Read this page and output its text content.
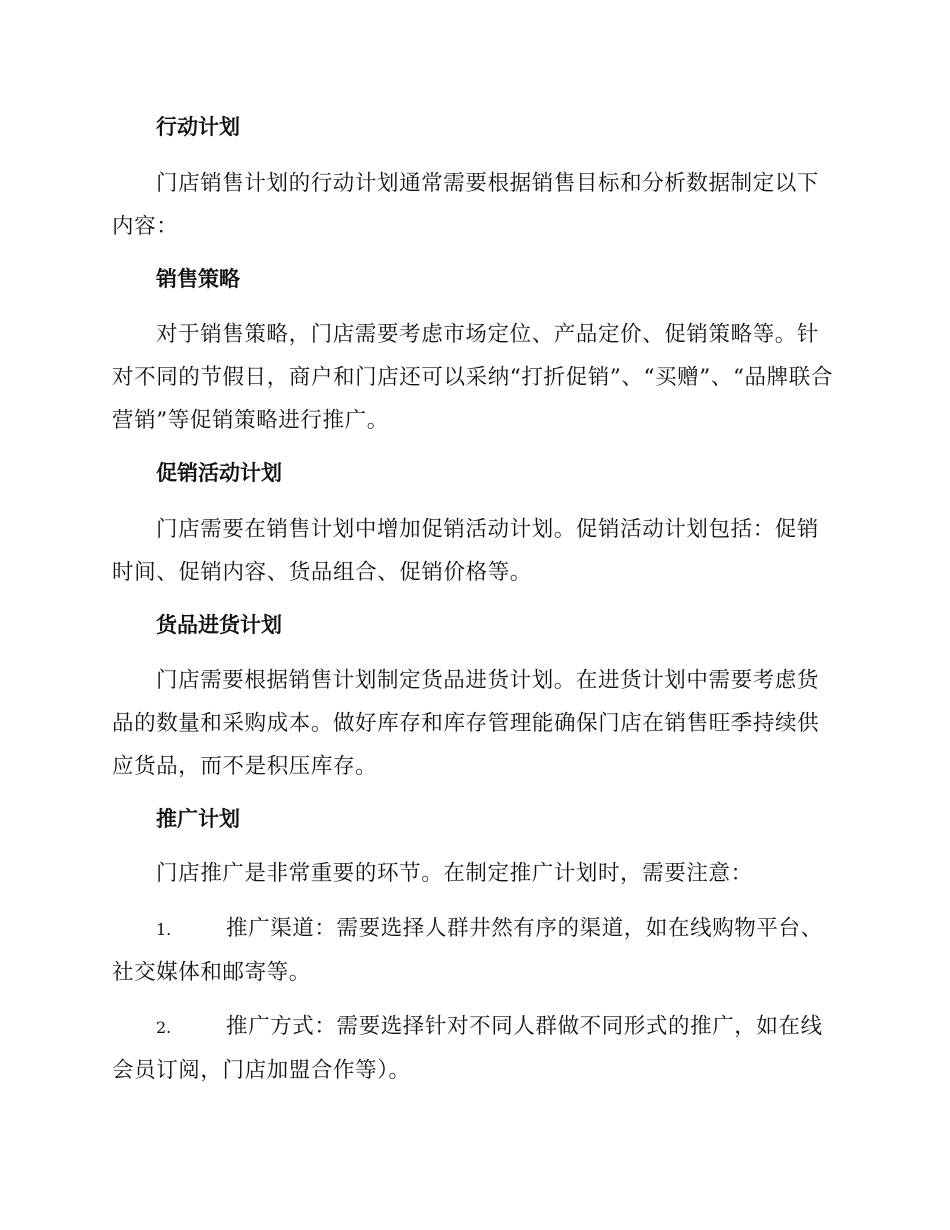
行动计划

门店销售计划的行动计划通常需要根据销售目标和分析数据制定以下内容：

销售策略

对于销售策略，门店需要考虑市场定位、产品定价、促销策略等。针对不同的节假日，商户和门店还可以采纳“打折促销”、“买赠”、“品牌联合营销”等促销策略进行推广。

促销活动计划

门店需要在销售计划中增加促销活动计划。促销活动计划包括：促销时间、促销内容、货品组合、促销价格等。

货品进货计划

门店需要根据销售计划制定货品进货计划。在进货计划中需要考虑货品的数量和采购成本。做好库存和库存管理能确保门店在销售旺季持续供应货品，而不是积压库存。

推广计划

门店推广是非常重要的环节。在制定推广计划时，需要注意：

1.	推广渠道：需要选择人群井然有序的渠道，如在线购物平台、社交媒体和邮寄等。

2.	推广方式：需要选择针对不同人群做不同形式的推广，如在线会员订阅，门店加盟合作等）。
